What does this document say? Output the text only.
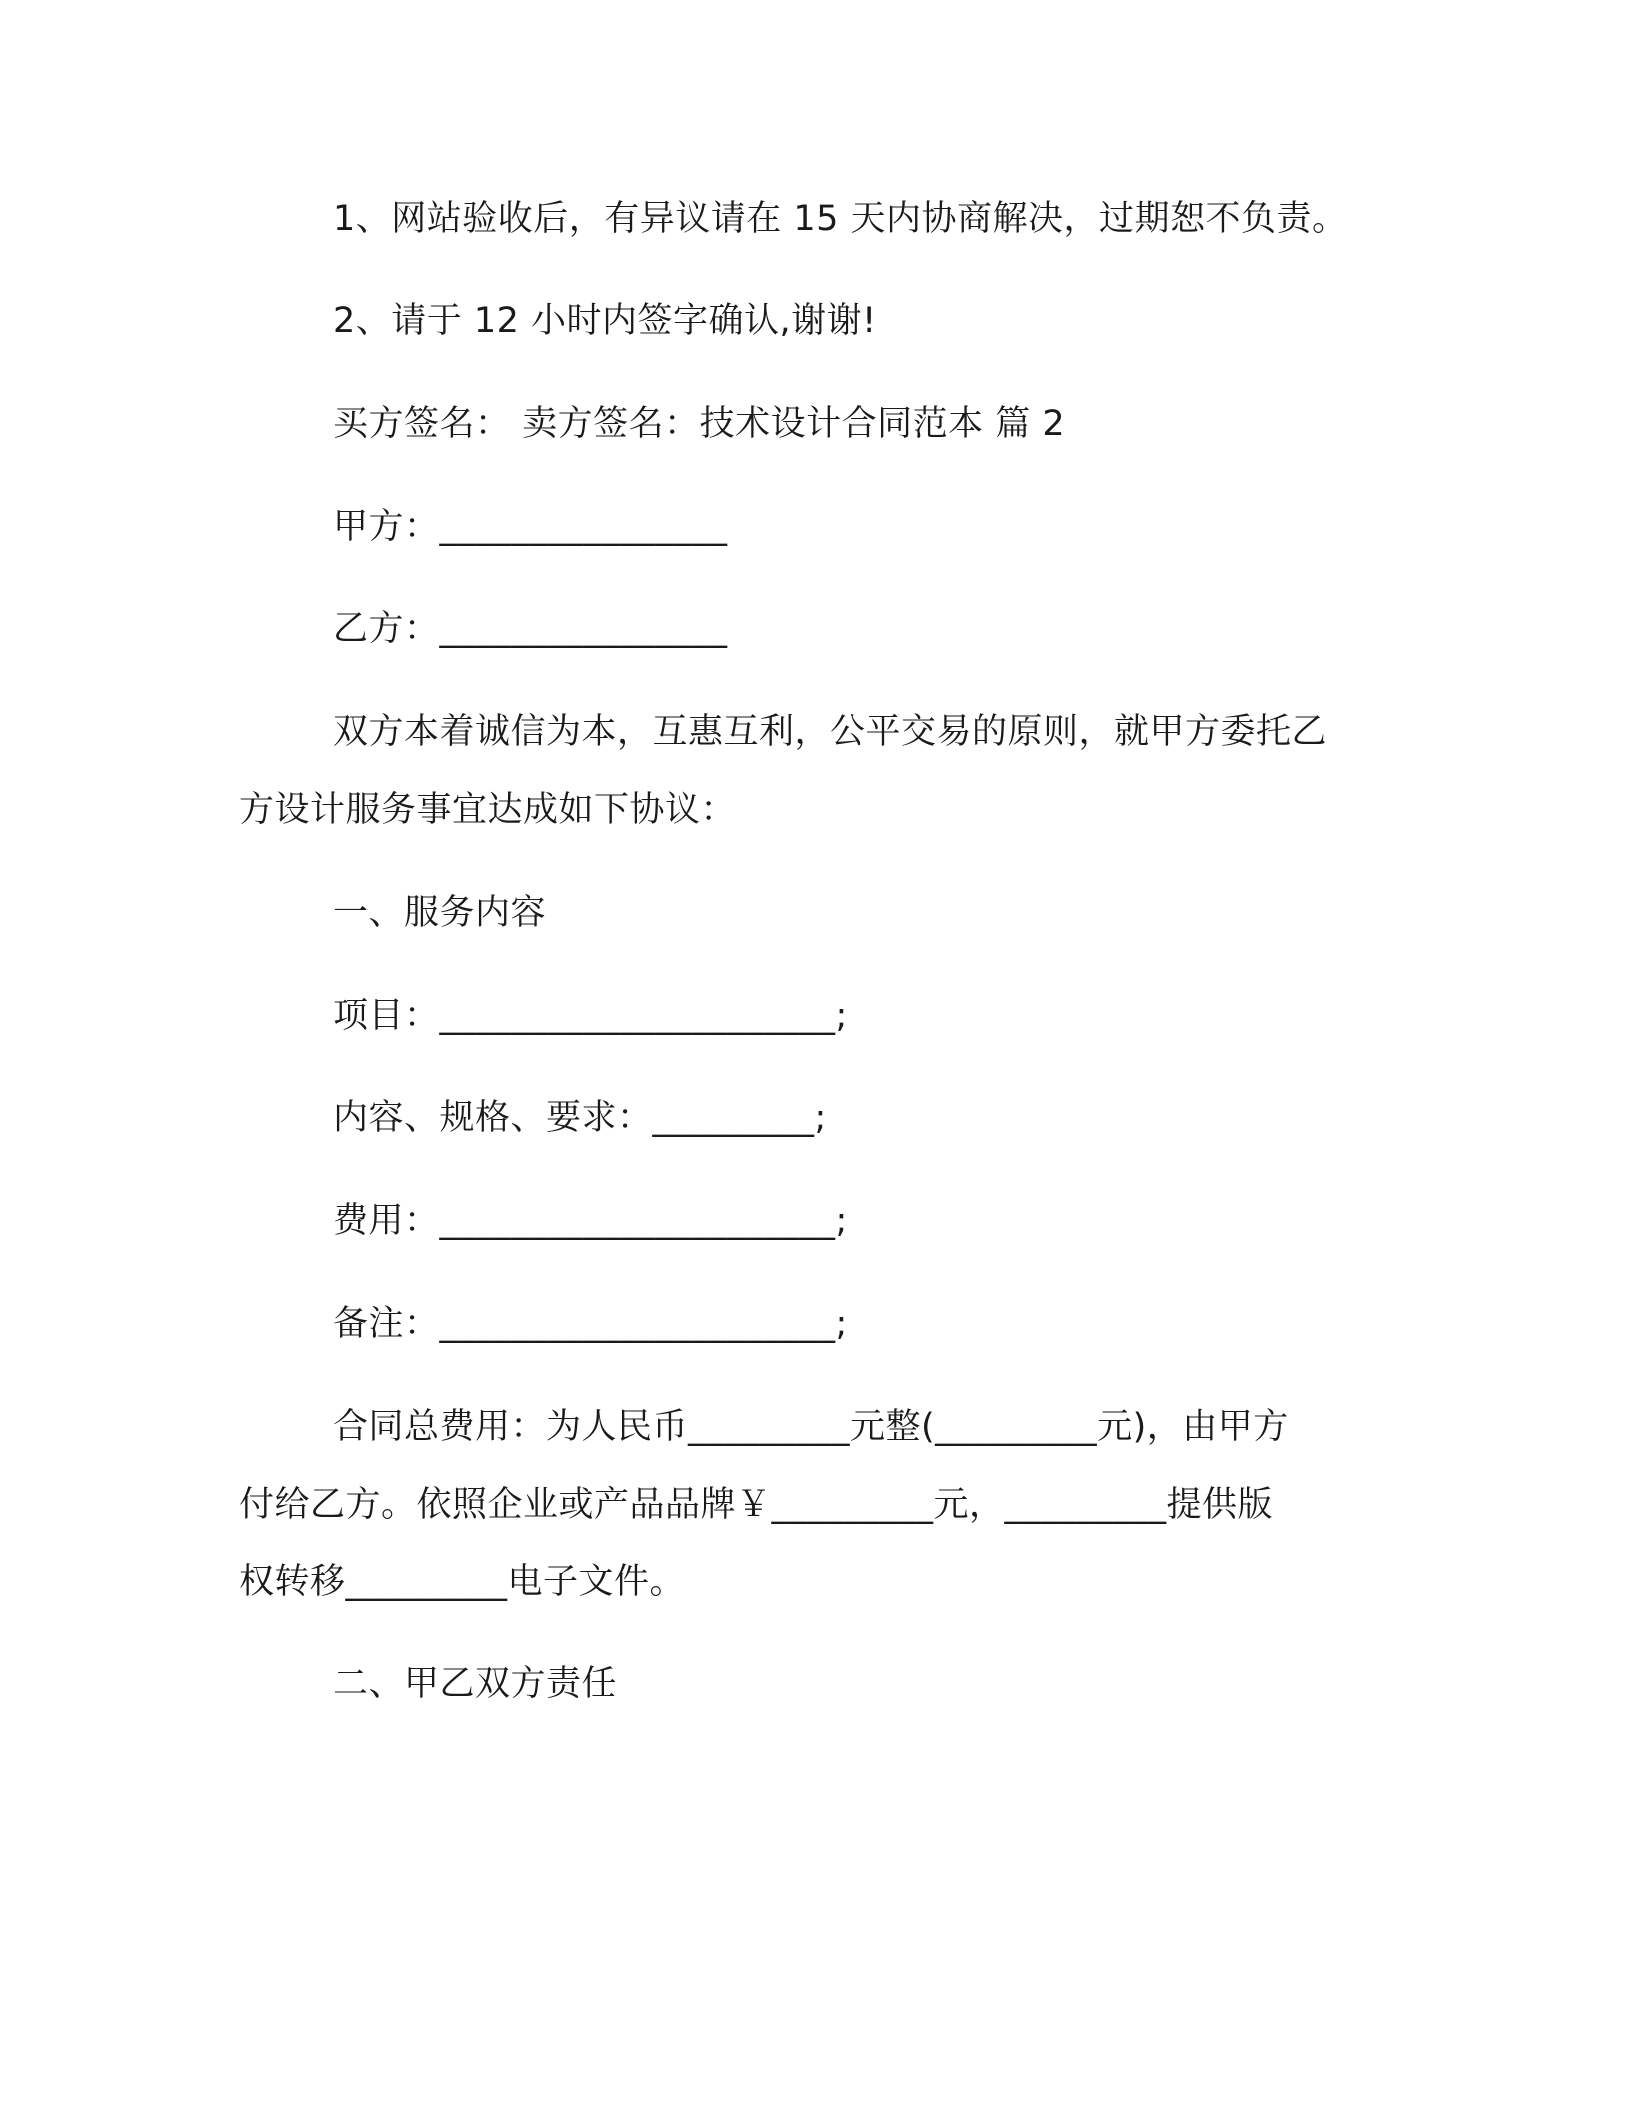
1、网站验收后，有异议请在 15 天内协商解决，过期恕不负责。
2、请于 12 小时内签字确认,谢谢!
买方签名： 卖方签名：技术设计合同范本 篇 2
甲方：________________
乙方：________________
双方本着诚信为本，互惠互利，公平交易的原则，就甲方委托乙
方设计服务事宜达成如下协议：
一、服务内容
项目：______________________;
内容、规格、要求：_________;
费用：______________________;
备注：______________________;
合同总费用：为人民币_________元整(_________元)，由甲方
付给乙方。依照企业或产品品牌￥_________元，_________提供版
权转移_________电子文件。
二、甲乙双方责任
